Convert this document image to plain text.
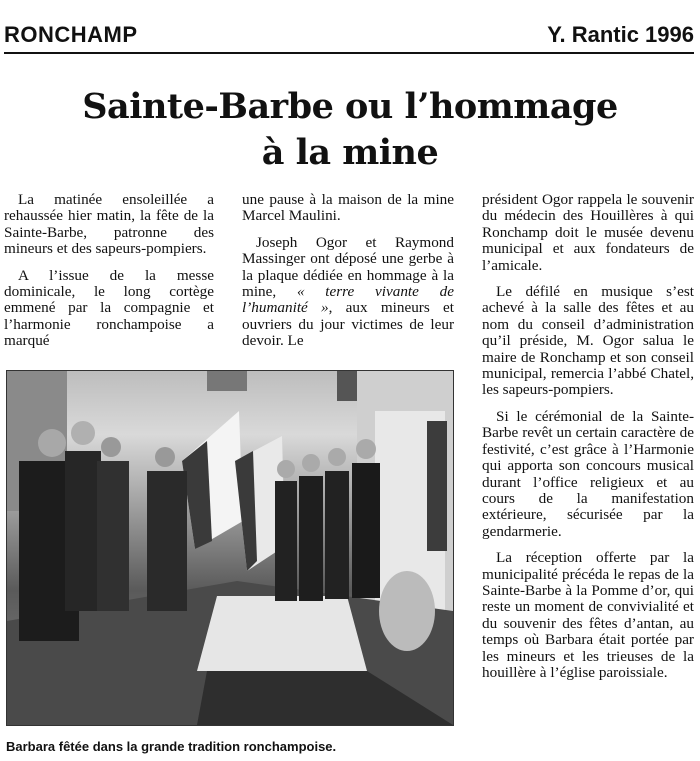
RONCHAMP	Y. Rantic 1996
Sainte-Barbe ou l’hommage
à la mine

La matinée ensoleillée a rehaussée hier matin, la fête de la Sainte-Barbe, patronne des mineurs et des sapeurs-pompiers.

A l’issue de la messe dominicale, le long cortège emmené par la compagnie et l’harmonie ronchampoise a marqué

une pause à la maison de la mine Marcel Maulini.

Joseph Ogor et Raymond Massinger ont déposé une gerbe à la plaque dédiée en hommage à la mine, « terre vivante de l’humanité », aux mineurs et ouvriers du jour victimes de leur devoir. Le

président Ogor rappela le souvenir du médecin des Houillères à qui Ronchamp doit le musée devenu municipal et aux fondateurs de l’amicale.

Le défilé en musique s’est achevé à la salle des fêtes et au nom du conseil d’administration qu’il préside, M. Ogor salua le maire de Ronchamp et son conseil municipal, remercia l’abbé Chatel, les sapeurs-pompiers.

Si le cérémonial de la Sainte-Barbe revêt un certain caractère de festivité, c’est grâce à l’Harmonie qui apporta son concours musical durant l’office religieux et au cours de la manifestation extérieure, sécurisée par la gendarmerie.

La réception offerte par la municipalité précéda le repas de la Sainte-Barbe à la Pomme d’or, qui reste un moment de convivialité et du souvenir des fêtes d’antan, au temps où Barbara était portée par les mineurs et les trieuses de la houillère à l’église paroissiale.

Barbara fêtée dans la grande tradition ronchampoise.
